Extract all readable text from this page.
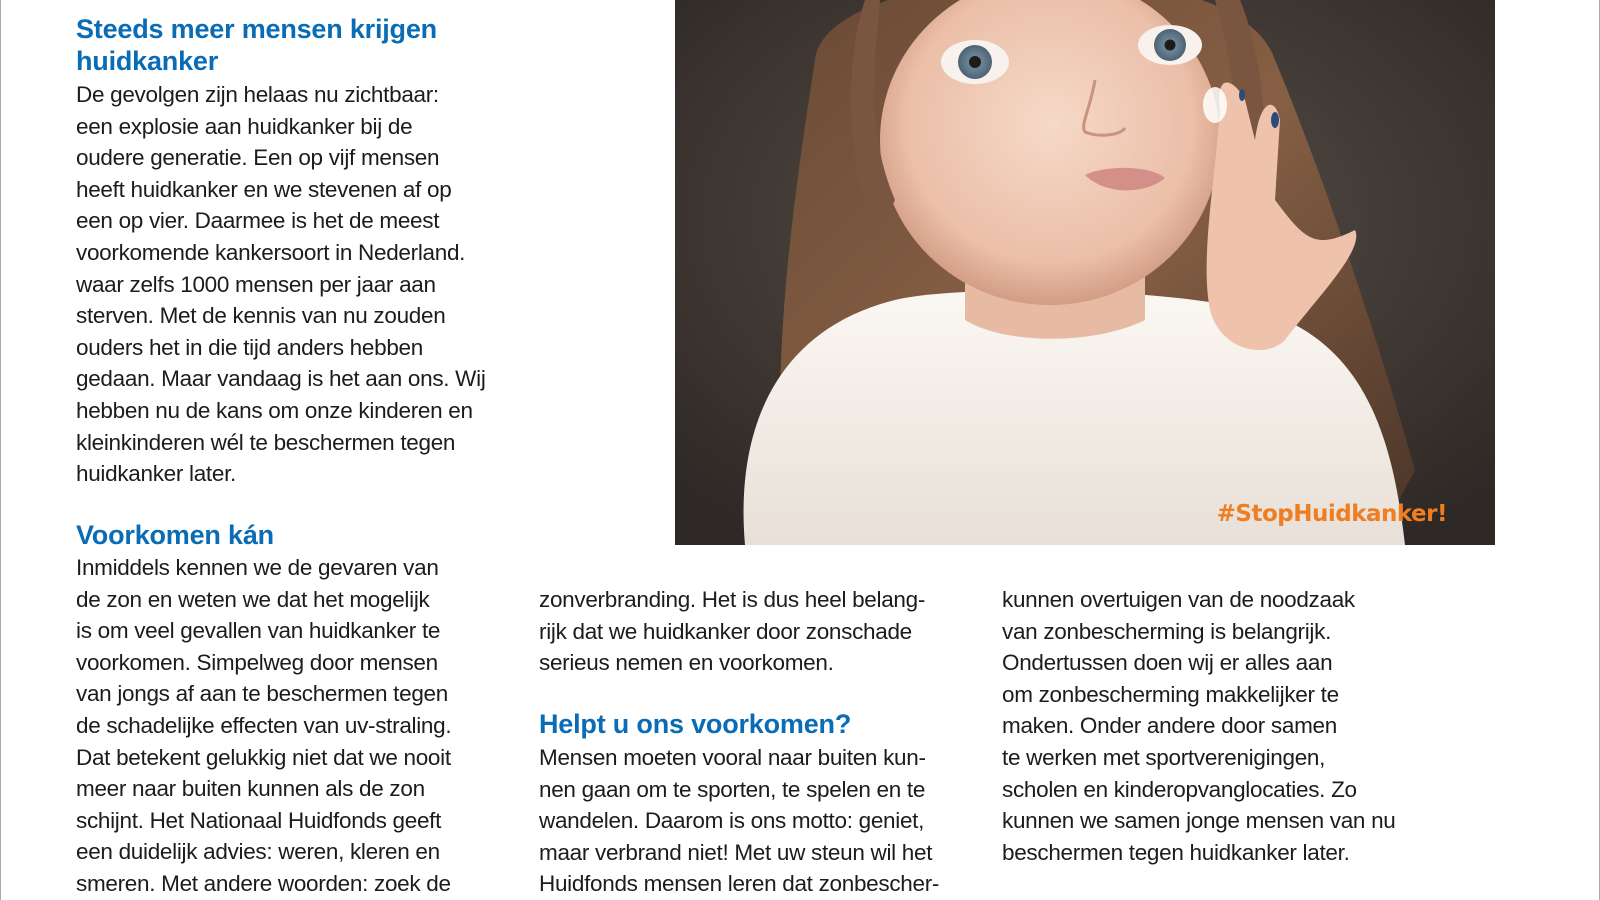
Steeds meer mensen krijgen
huidkanker
De gevolgen zijn helaas nu zichtbaar:
een explosie aan huidkanker bij de
oudere generatie. Een op vijf mensen
heeft huidkanker en we stevenen af op
een op vier. Daarmee is het de meest
voorkomende kankersoort in Nederland.
waar zelfs 1000 mensen per jaar aan
sterven. Met de kennis van nu zouden
ouders het in die tijd anders hebben
gedaan. Maar vandaag is het aan ons. Wij
hebben nu de kans om onze kinderen en
kleinkinderen wél te beschermen tegen
huidkanker later.
Voorkomen kán
Inmiddels kennen we de gevaren van
de zon en weten we dat het mogelijk
is om veel gevallen van huidkanker te
voorkomen. Simpelweg door mensen
van jongs af aan te beschermen tegen
de schadelijke effecten van uv-straling.
Dat betekent gelukkig niet dat we nooit
meer naar buiten kunnen als de zon
schijnt. Het Nationaal Huidfonds geeft
een duidelijk advies: weren, kleren en
smeren. Met andere woorden: zoek de
zonverbranding. Het is dus heel belang-
rijk dat we huidkanker door zonschade
serieus nemen en voorkomen.
Helpt u ons voorkomen?
Mensen moeten vooral naar buiten kun-
nen gaan om te sporten, te spelen en te
wandelen. Daarom is ons motto: geniet,
maar verbrand niet! Met uw steun wil het
Huidfonds mensen leren dat zonbescher-
kunnen overtuigen van de noodzaak
van zonbescherming is belangrijk.
Ondertussen doen wij er alles aan
om zonbescherming makkelijker te
maken. Onder andere door samen
te werken met sportverenigingen,
scholen en kinderopvanglocaties. Zo
kunnen we samen jonge mensen van nu
beschermen tegen huidkanker later.
#StopHuidkanker!
